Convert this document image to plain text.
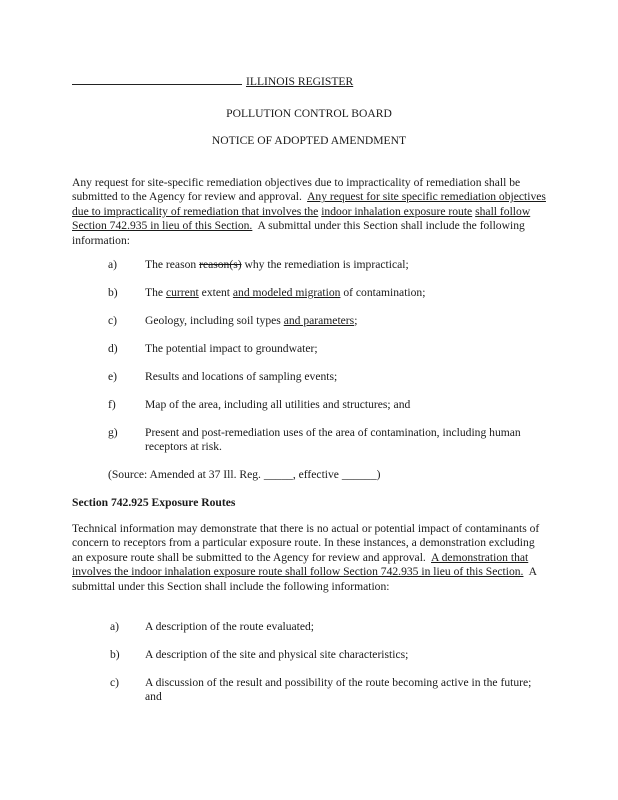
ILLINOIS REGISTER
POLLUTION CONTROL BOARD
NOTICE OF ADOPTED AMENDMENT
Any request for site-specific remediation objectives due to impracticality of remediation shall be submitted to the Agency for review and approval. Any request for site specific remediation objectives due to impracticality of remediation that involves the indoor inhalation exposure route shall follow Section 742.935 in lieu of this Section. A submittal under this Section shall include the following information:
a) The reason reason(s) why the remediation is impractical;
b) The current extent and modeled migration of contamination;
c) Geology, including soil types and parameters;
d) The potential impact to groundwater;
e) Results and locations of sampling events;
f)	Map of the area, including all utilities and structures; and
g) Present and post-remediation uses of the area of contamination, including human receptors at risk.
(Source: Amended at 37 Ill. Reg. _____, effective ______)
Section 742.925 Exposure Routes
Technical information may demonstrate that there is no actual or potential impact of contaminants of concern to receptors from a particular exposure route. In these instances, a demonstration excluding an exposure route shall be submitted to the Agency for review and approval. A demonstration that involves the indoor inhalation exposure route shall follow Section 742.935 in lieu of this Section. A submittal under this Section shall include the following information:
a) A description of the route evaluated;
b) A description of the site and physical site characteristics;
c) A discussion of the result and possibility of the route becoming active in the future; and
